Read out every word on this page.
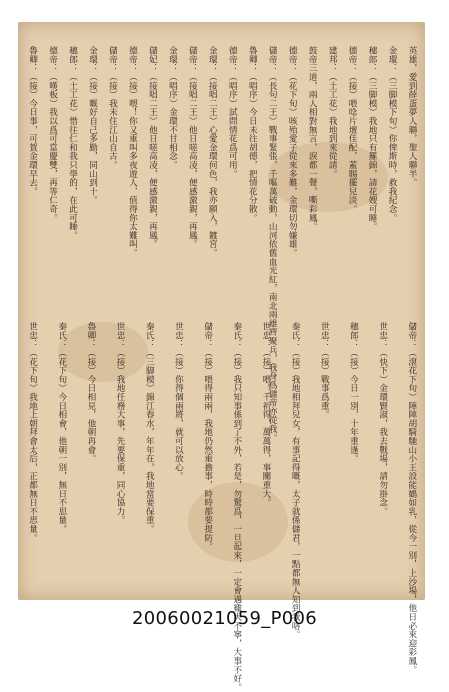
英雄，愛到薛蛋夢人聯，聖人聯半。
金環：（三脚模下旬）你俾斯時，救我紀念。
穗郎：（三脚模）我地只有羅錦，請花嫂可睡。
德帝：（接）喂唸片壇佳配，蓋賜擺兒淡。
建邦：（土工花）我地到來從請。
鼓帝三道，兩人相對無言，淚都一聲，嘶彩鳳。
德帝：（花下旬）咳殆愛子從來多難，金環切勿嫌雄。
儲帝：（長句二王）戰事緊張，千嘔萬破動，山河依舊血光紅，南北兩雄齊聚兵，我身爲儲帝亦從我。
魯卿：（唱序）今日未往胡德，把情花分散。
德帝：（唱序）試問情花爲可用。
金環：（接唱二王）心愛金環何色，我亦願入，鍍宮。
儲帝：（接唱二王）他日嗟高凌，便感激親，再鳳。
金環：（唱序）金環不甘相念。
儲妃：（接唱二王）他日嗟高凌，便感激親，再鳳。
德帝：（接）喂！你又重叫多夜遊人，值得你太難叫。
儲帝：（接）我未住江山自古。
金環：（接）嘅好自己多勤，同山到十。
穗郎：（土工花）惜往仁和我只學的，在此可睡。
德帝：（嘆板）我以爲可當慶雙，再等仁奇。
魯卿：（接）今日事，可賀金環早去。
儲帝：（滾花下旬）陣陣胡騎馳山小王設能鶴如乳，從今一別，上沙場，他日必來迎彩鳳。
世忠：（快下）金環賢淑，我去戰場，請勿掛念。
穗郎：（接）今日一別，十年重逢。
世忠：（接）戰事爲重。
秦氏：（接）我地相拜兒女，有事記得嘅，太子就係儲君，一點都無人知到我咯。
世忠：（接）喂！千祈得，萬萬得，事關重大。
秦氏：（接）我只知事係到了不外，若是，勿驚爲，一旦起來，一定會遇雞犬不寧，大事不好。
儲帝：（接）喂得兩兩，我地仍然重擔事，時時都要提防。
世忠：（接）你得個兩將，就可以放心。
秦氏：（三脚模）錦江春水，年年在，我地當要保重。
世忠：（接）我地任務大事，先要保重，同心協力。
魯卿：（接）今日相見，他朝再會。
秦氏：（花下旬）今日相會，他朝一別，無日不思量。
世忠：（花下旬）我地上朝拜會太后，正都無日不思量。
20060021059_P006
